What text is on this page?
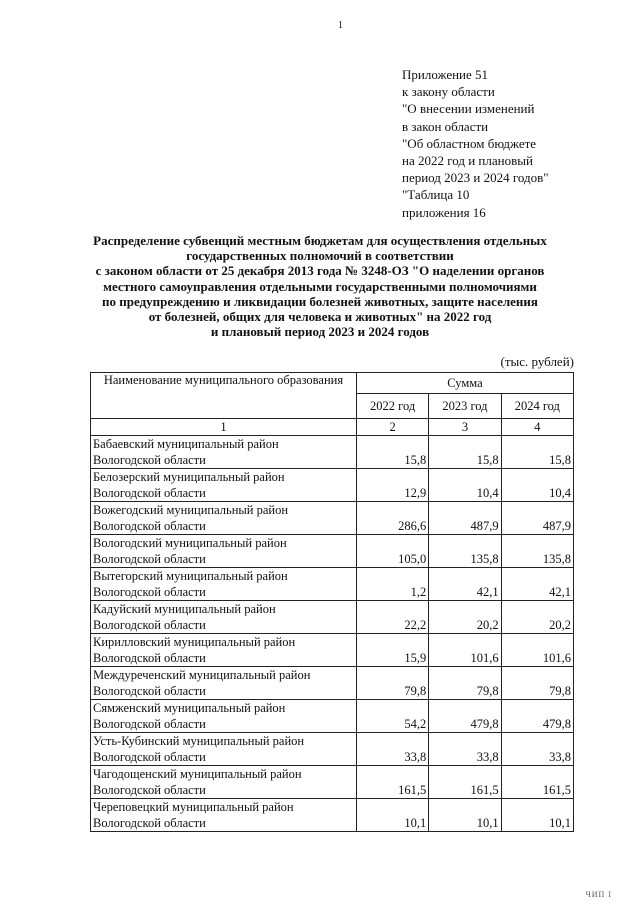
1
Приложение 51
к закону области
"О внесении изменений
в закон области
"Об областном бюджете
на 2022 год и плановый
период 2023 и 2024 годов"
"Таблица 10
приложения 16
Распределение субвенций местным бюджетам для осуществления отдельных
государственных полномочий в соответствии
с законом области от 25 декабря 2013 года № 3248-ОЗ "О наделении органов
местного самоуправления отдельными государственными полномочиями
по предупреждению и ликвидации болезней животных, защите населения
от болезней, общих для человека и животных" на 2022 год
и плановый период 2023 и 2024 годов
(тыс. рублей)
Наименование муниципального образования	Сумма		
	2022 год	2023 год	2024 год
1	2	3	4

Бабаевский муниципальный район
Вологодской области	15,8	15,8	15,8

Белозерский муниципальный район
Вологодской области	12,9	10,4	10,4

Вожегодский муниципальный район
Вологодской области	286,6	487,9	487,9

Вологодский муниципальный район
Вологодской области	105,0	135,8	135,8

Вытегорский муниципальный район
Вологодской области	1,2	42,1	42,1

Кадуйский муниципальный район
Вологодской области	22,2	20,2	20,2

Кирилловский муниципальный район
Вологодской области	15,9	101,6	101,6

Междуреченский муниципальный район
Вологодской области	79,8	79,8	79,8

Сямженский муниципальный район
Вологодской области	54,2	479,8	479,8

Усть-Кубинский муниципальный район
Вологодской области	33,8	33,8	33,8

Чагодощенский муниципальный район
Вологодской области	161,5	161,5	161,5

Череповецкий муниципальный район
Вологодской области	10,1	10,1	10,1
ЧИП I
